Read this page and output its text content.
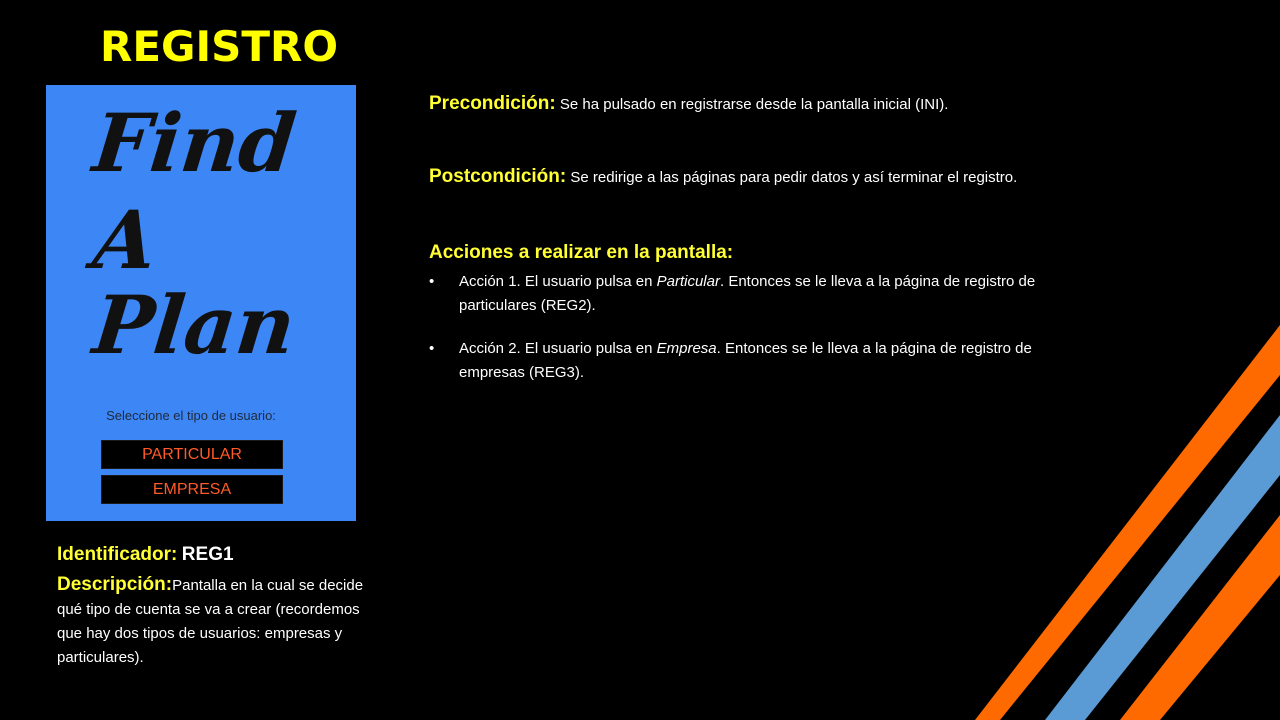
REGISTRO
Find
A
Plan
Seleccione el tipo de usuario:
PARTICULAR
EMPRESA
Identificador: REG1
Descripción:Pantalla en la cual se decide qué tipo de cuenta se va a crear (recordemos que hay dos tipos de usuarios: empresas y particulares).
Precondición: Se ha pulsado en registrarse desde la pantalla inicial (INI).
Postcondición: Se redirige a las páginas para pedir datos y así terminar el registro.
Acciones a realizar en la pantalla:
• Acción 1. El usuario pulsa en Particular. Entonces se le lleva a la página de registro de particulares (REG2).
• Acción 2. El usuario pulsa en Empresa. Entonces se le lleva a la página de registro de empresas (REG3).
